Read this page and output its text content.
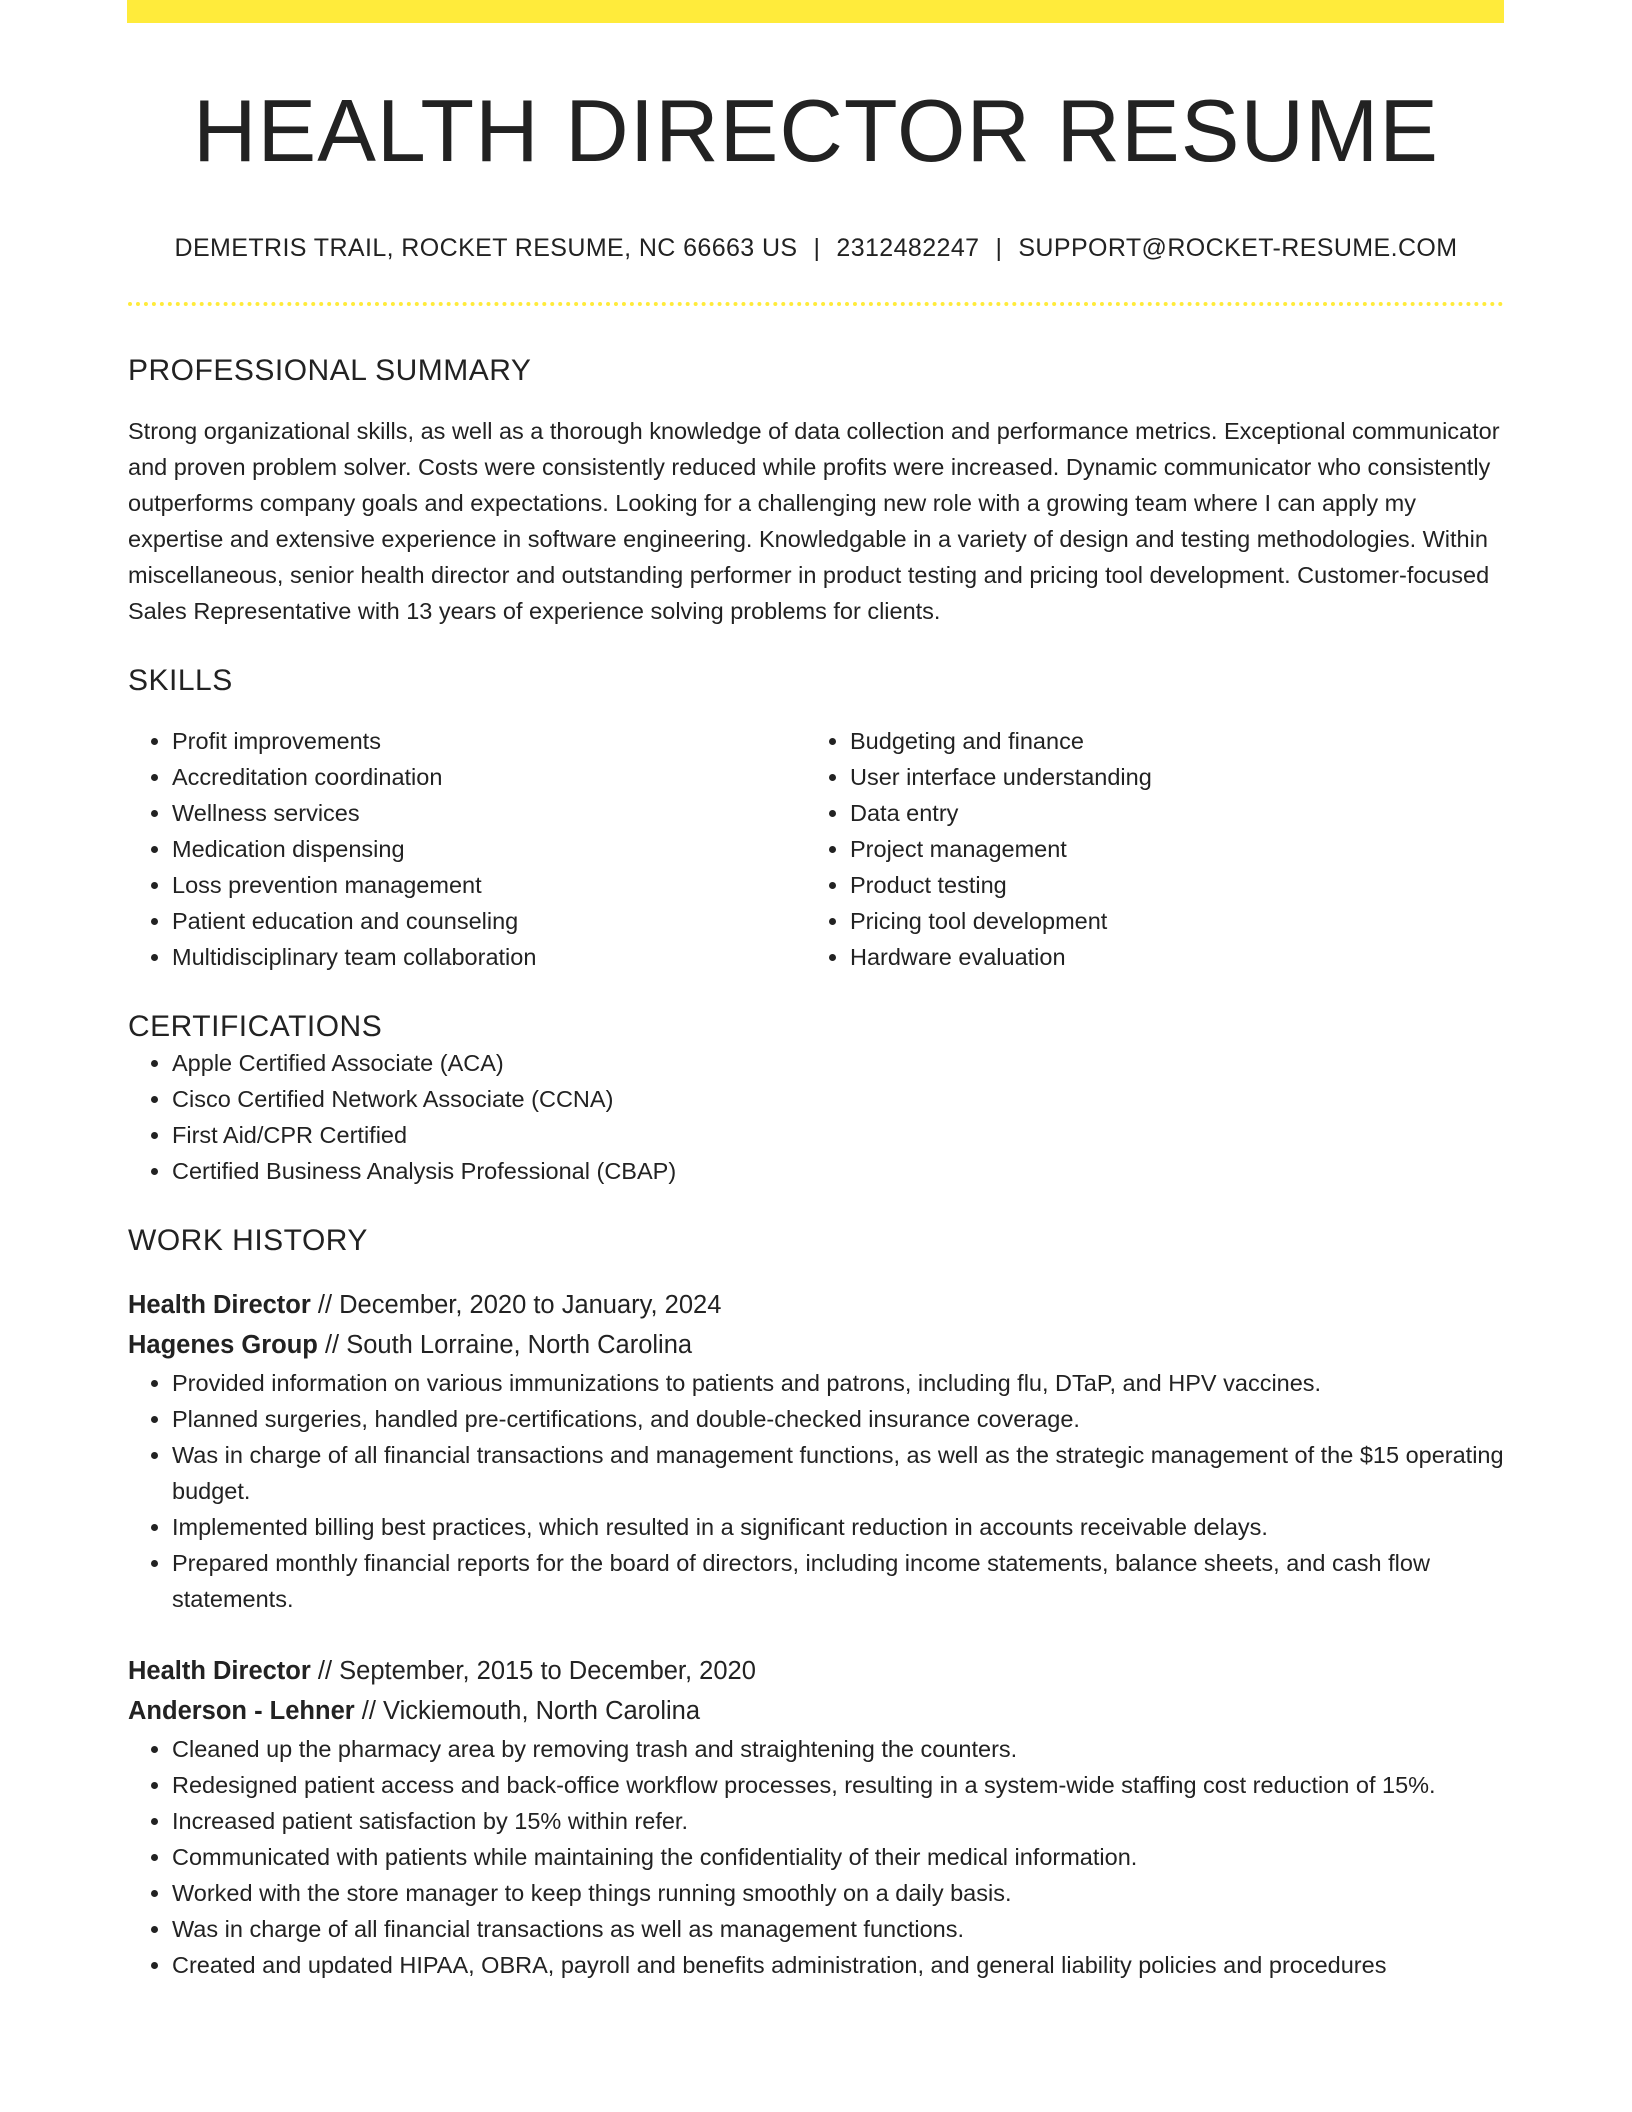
HEALTH DIRECTOR RESUME
DEMETRIS TRAIL, ROCKET RESUME, NC 66663 US | 2312482247 | SUPPORT@ROCKET-RESUME.COM
PROFESSIONAL SUMMARY

Strong organizational skills, as well as a thorough knowledge of data collection and performance metrics. Exceptional communicator and proven problem solver. Costs were consistently reduced while profits were increased. Dynamic communicator who consistently outperforms company goals and expectations. Looking for a challenging new role with a growing team where I can apply my expertise and extensive experience in software engineering. Knowledgable in a variety of design and testing methodologies. Within miscellaneous, senior health director and outstanding performer in product testing and pricing tool development. Customer-focused Sales Representative with 13 years of experience solving problems for clients.

SKILLS
• Profit improvements
• Accreditation coordination
• Wellness services
• Medication dispensing
• Loss prevention management
• Patient education and counseling
• Multidisciplinary team collaboration
• Budgeting and finance
• User interface understanding
• Data entry
• Project management
• Product testing
• Pricing tool development
• Hardware evaluation
CERTIFICATIONS
• Apple Certified Associate (ACA)
• Cisco Certified Network Associate (CCNA)
• First Aid/CPR Certified
• Certified Business Analysis Professional (CBAP)
WORK HISTORY
Health Director // December, 2020 to January, 2024
Hagenes Group // South Lorraine, North Carolina
• Provided information on various immunizations to patients and patrons, including flu, DTaP, and HPV vaccines.
• Planned surgeries, handled pre-certifications, and double-checked insurance coverage.
• Was in charge of all financial transactions and management functions, as well as the strategic management of the $15 operating budget.
• Implemented billing best practices, which resulted in a significant reduction in accounts receivable delays.
• Prepared monthly financial reports for the board of directors, including income statements, balance sheets, and cash flow statements.
Health Director // September, 2015 to December, 2020
Anderson - Lehner // Vickiemouth, North Carolina
• Cleaned up the pharmacy area by removing trash and straightening the counters.
• Redesigned patient access and back-office workflow processes, resulting in a system-wide staffing cost reduction of 15%.
• Increased patient satisfaction by 15% within refer.
• Communicated with patients while maintaining the confidentiality of their medical information.
• Worked with the store manager to keep things running smoothly on a daily basis.
• Was in charge of all financial transactions as well as management functions.
• Created and updated HIPAA, OBRA, payroll and benefits administration, and general liability policies and procedures
